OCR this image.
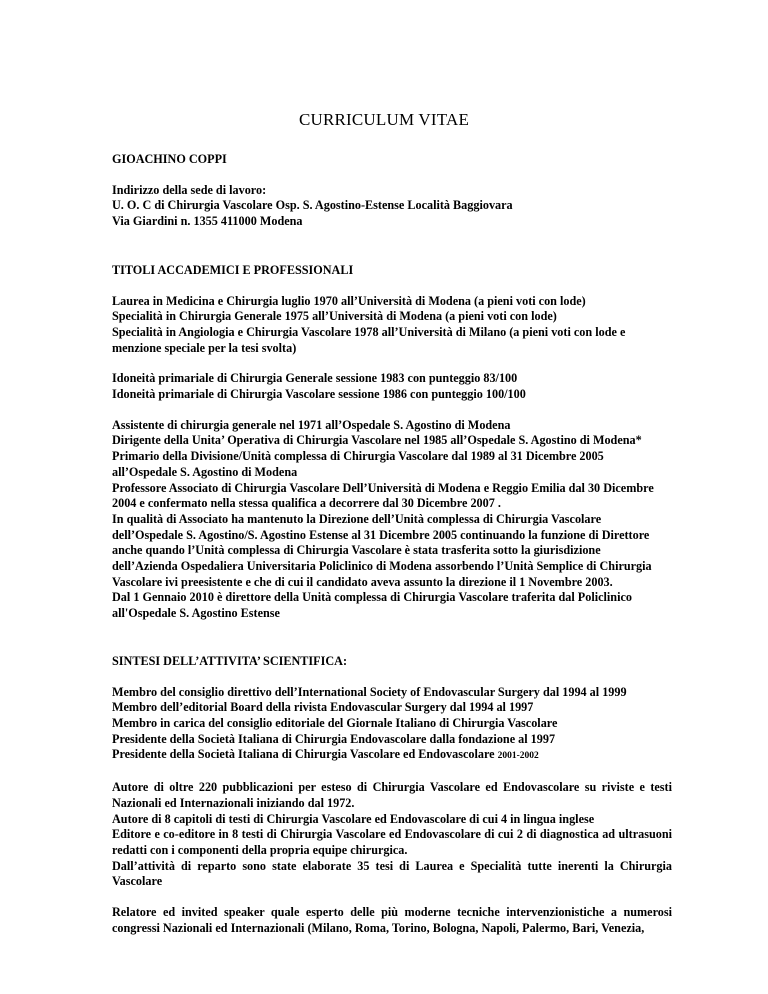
CURRICULUM VITAE
GIOACHINO COPPI
Indirizzo della sede di lavoro:
U. O. C di Chirurgia Vascolare Osp. S. Agostino-Estense Località Baggiovara
Via Giardini n. 1355 411000 Modena
TITOLI ACCADEMICI E PROFESSIONALI
Laurea in Medicina e Chirurgia luglio 1970 all’Università di Modena (a pieni voti con lode)
Specialità in Chirurgia Generale 1975 all’Università di Modena (a pieni voti con lode)
Specialità in Angiologia e Chirurgia Vascolare 1978 all’Università di Milano (a pieni voti con lode e
menzione speciale per la tesi svolta)
Idoneità primariale di Chirurgia Generale sessione 1983 con punteggio 83/100
Idoneità primariale di Chirurgia Vascolare sessione 1986 con punteggio 100/100
Assistente di chirurgia generale nel 1971 all’Ospedale S. Agostino di Modena
Dirigente della Unita’ Operativa di Chirurgia Vascolare nel 1985 all’Ospedale S. Agostino di Modena*
Primario della Divisione/Unità complessa di Chirurgia Vascolare dal 1989 al 31 Dicembre 2005
all’Ospedale S. Agostino di Modena
Professore Associato di Chirurgia Vascolare Dell’Università di Modena e Reggio Emilia dal 30 Dicembre
2004 e confermato nella stessa qualifica a decorrere dal 30 Dicembre 2007 .
In qualità di Associato ha mantenuto la Direzione dell’Unità complessa di Chirurgia Vascolare
dell’Ospedale S. Agostino/S. Agostino Estense al 31 Dicembre 2005 continuando la funzione di Direttore
anche quando l’Unità complessa di Chirurgia Vascolare è stata trasferita sotto la giurisdizione
dell’Azienda Ospedaliera Universitaria Policlinico di Modena assorbendo l’Unità Semplice di Chirurgia
Vascolare ivi preesistente e che di cui il candidato aveva assunto la direzione il 1 Novembre 2003.
Dal 1 Gennaio 2010 è direttore della Unità complessa di Chirurgia Vascolare traferita dal Policlinico
all'Ospedale S. Agostino Estense
SINTESI DELL’ATTIVITA’ SCIENTIFICA:
Membro del consiglio direttivo dell’International Society of Endovascular Surgery dal 1994 al 1999
Membro dell’editorial Board della rivista Endovascular Surgery dal 1994 al 1997
Membro in carica del consiglio editoriale del Giornale Italiano di Chirurgia Vascolare
Presidente della Società Italiana di Chirurgia Endovascolare dalla fondazione al 1997
Presidente della Società Italiana di Chirurgia Vascolare ed Endovascolare 2001-2002
Autore di oltre 220 pubblicazioni per esteso di Chirurgia Vascolare ed Endovascolare su riviste e testi Nazionali ed Internazionali iniziando dal 1972.
Autore di 8 capitoli di testi di Chirurgia Vascolare ed Endovascolare di cui 4 in lingua inglese
Editore e co-editore in 8 testi di Chirurgia Vascolare ed Endovascolare di cui 2 di diagnostica ad ultrasuoni redatti con i componenti della propria equipe chirurgica.
Dall’attività di reparto sono state elaborate 35 tesi di Laurea e Specialità tutte inerenti la Chirurgia Vascolare
Relatore ed invited speaker quale esperto delle più moderne tecniche intervenzionistiche a numerosi congressi Nazionali ed Internazionali (Milano, Roma, Torino, Bologna, Napoli, Palermo, Bari, Venezia,
